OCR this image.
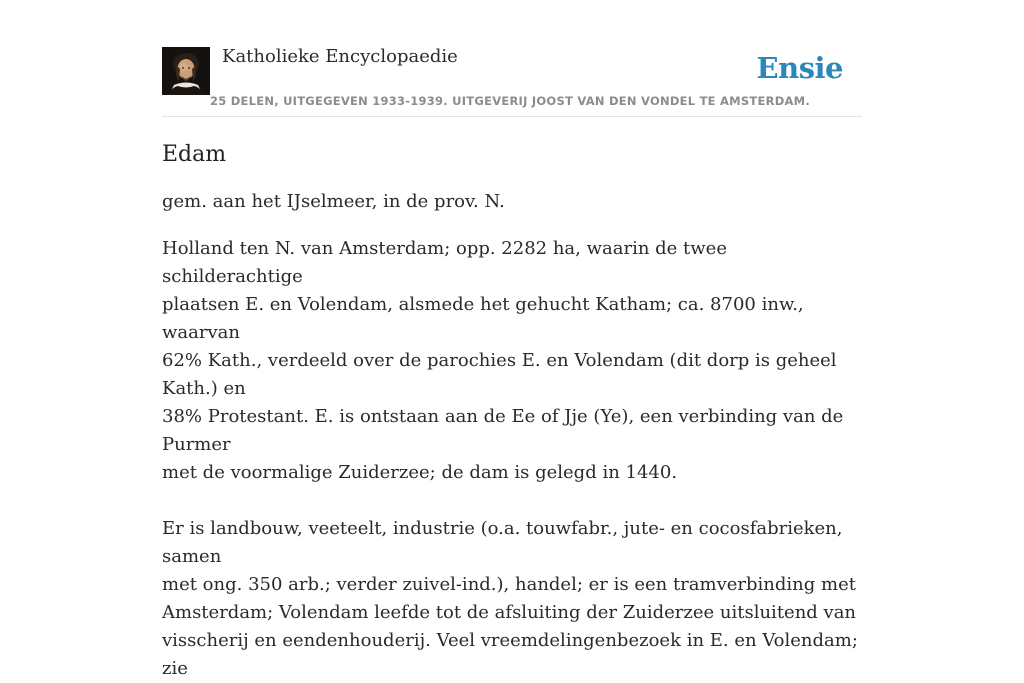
Katholieke Encyclopaedie
25 DELEN, UITGEGEVEN 1933-1939. UITGEVERIJ JOOST VAN DEN VONDEL TE AMSTERDAM.
Ensie
Edam

gem. aan het IJselmeer, in de prov. N.

Holland ten N. van Amsterdam; opp. 2282 ha, waarin de twee schilderachtige
plaatsen E. en Volendam, alsmede het gehucht Katham; ca. 8700 inw., waarvan
62% Kath., verdeeld over de parochies E. en Volendam (dit dorp is geheel Kath.) en
38% Protestant. E. is ontstaan aan de Ee of Jje (Ye), een verbinding van de Purmer
met de voormalige Zuiderzee; de dam is gelegd in 1440.

Er is landbouw, veeteelt, industrie (o.a. touwfabr., jute- en cocosfabrieken, samen
met ong. 350 arb.; verder zuivel-ind.), handel; er is een tramverbinding met
Amsterdam; Volendam leefde tot de afsluiting der Zuiderzee uitsluitend van
visscherij en eendenhouderij. Veel vreemdelingenbezoek in E. en Volendam; zie
